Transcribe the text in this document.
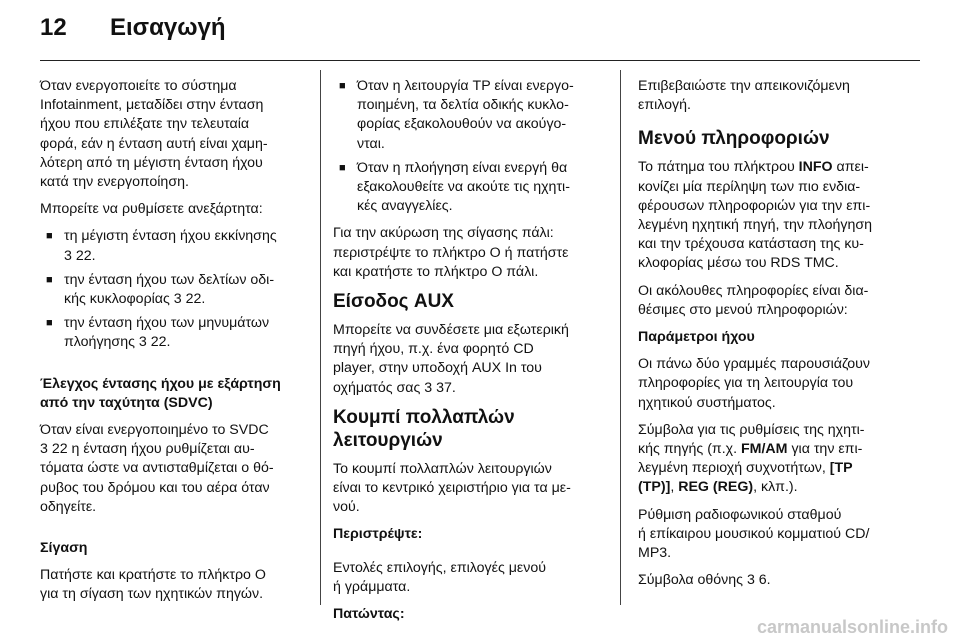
12	Εισαγωγή

Όταν ενεργοποιείτε το σύστημα
Infotainment, μεταδίδει στην ένταση
ήχου που επιλέξατε την τελευταία
φορά, εάν η ένταση αυτή είναι χαμη-
λότερη από τη μέγιστη ένταση ήχου
κατά την ενεργοποίηση.

Μπορείτε να ρυθμίσετε ανεξάρτητα:

■ τη μέγιστη ένταση ήχου εκκίνησης
3 22.
■ την ένταση ήχου των δελτίων οδι-
κής κυκλοφορίας 3 22.
■ την ένταση ήχου των μηνυμάτων
πλοήγησης 3 22.

Έλεγχος έντασης ήχου με εξάρτηση
από την ταχύτητα (SDVC)

Όταν είναι ενεργοποιημένο το SVDC
3 22 η ένταση ήχου ρυθμίζεται αυ-
τόματα ώστε να αντισταθμίζεται ο θό-
ρυβος του δρόμου και του αέρα όταν
οδηγείτε.

Σίγαση

Πατήστε και κρατήστε το πλήκτρο O
για τη σίγαση των ηχητικών πηγών.

■ Όταν η λειτουργία TP είναι ενεργο-
ποιημένη, τα δελτία οδικής κυκλο-
φορίας εξακολουθούν να ακούγο-
νται.
■ Όταν η πλοήγηση είναι ενεργή θα
εξακολουθείτε να ακούτε τις ηχητι-
κές αναγγελίες.

Για την ακύρωση της σίγασης πάλι:
περιστρέψτε το πλήκτρο O ή πατήστε
και κρατήστε το πλήκτρο O πάλι.

Είσοδος AUX

Μπορείτε να συνδέσετε μια εξωτερική
πηγή ήχου, π.χ. ένα φορητό CD
player, στην υποδοχή AUX In του
οχήματός σας 3 37.

Κουμπί πολλαπλών
λειτουργιών

Το κουμπί πολλαπλών λειτουργιών
είναι το κεντρικό χειριστήριο για τα με-
νού.

Περιστρέψτε:

Εντολές επιλογής, επιλογές μενού
ή γράμματα.

Πατώντας:

Επιβεβαιώστε την απεικονιζόμενη
επιλογή.

Μενού πληροφοριών

Το πάτημα του πλήκτρου INFO απει-
κονίζει μία περίληψη των πιο ενδια-
φέρουσων πληροφοριών για την επι-
λεγμένη ηχητική πηγή, την πλοήγηση
και την τρέχουσα κατάσταση της κυ-
κλοφορίας μέσω του RDS TMC.

Οι ακόλουθες πληροφορίες είναι δια-
θέσιμες στο μενού πληροφοριών:

Παράμετροι ήχου

Οι πάνω δύο γραμμές παρουσιάζουν
πληροφορίες για τη λειτουργία του
ηχητικού συστήματος.

Σύμβολα για τις ρυθμίσεις της ηχητι-
κής πηγής (π.χ. FM/AM για την επι-
λεγμένη περιοχή συχνοτήτων, [TP
(TP)], REG (REG), κλπ.).

Ρύθμιση ραδιοφωνικού σταθμού
ή επίκαιρου μουσικού κομματιού CD/
MP3.

Σύμβολα οθόνης 3 6.

carmanualsonline.info
